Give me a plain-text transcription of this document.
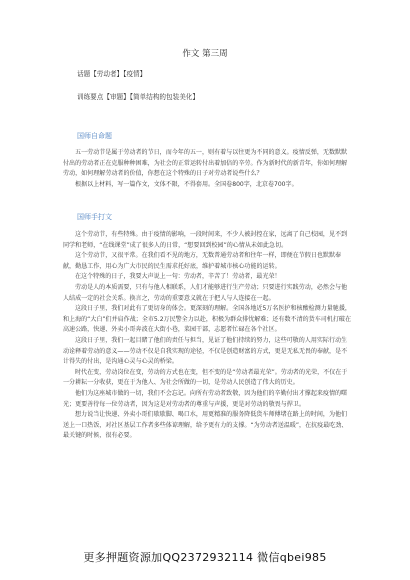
作文 第三周
话题【劳动者】【疫情】
训练要点【审题】【简单结构的包装美化】
国师自命题

五一劳动节是属于劳动者的节日，而今年的五一，则有着与以往更为不同的意义。疫情反弹，无数默默付出的劳动者正在克服种种困难，为社会的正常运转付出着加倍的辛劳。作为新时代的新青年，你如何理解劳动，如何理解劳动者的价值，你想在这个特殊的日子对劳动者说些什么？

根据以上材料，写一篇作文，文体不限，不得套用。全国卷800字，北京卷700字。

国师手打文

这个劳动节，有些特殊。由于疫情的影响，一段时间来，不少人被封控在家，远离了自己校园，见不到同学和老师，“在线课堂”成了很多人的日常，“想要回到校园”的心情从未如此急切。

这个劳动节，又很平常。在我们看不见的地方，无数普通劳动者和往年一样，即便在节假日也默默奉献，勤恳工作，用心为广大市民的民生需求托好底，维护着城市核心功能的运转。

在这个特殊的日子，我要大声说上一句：劳动者，辛苦了！劳动者，最光荣！

劳动是人的本质需要，只有与他人相联系，人们才能够进行生产劳动；只要进行实践劳动，必然会与他人结成一定的社会关系。换言之，劳动的重要意义就在于把人与人连接在一起。

这段日子里，我们对此有了更切身的体会。更深刻的理解。全国各地近5万名医护和核酸检测力量驰援，和上海的“大白”们并肩作战；全市5.2万民警全力以赴，积极为群众排忧解难；还有数不清的货车司机打破在高速公路，快递、外卖小哥奔波在大街小巷，菜园干部，志愿者忙碌在各个社区。

这段日子里，我们一起目睹了他们的责任与担当，见证了他们持续的努力，这些可敬的人用实际行动生动诠释着劳动的意义——劳动不仅是自我实现的途径，不仅是创造财富的方式，更是无私无畏的奉献，是不计得失的付出，是沟通心灵与心灵的桥梁。

时代在变，劳动岗位在变，劳动的方式也在变，但不变的是“劳动者最光荣”。劳动者的光荣，不仅在于一分耕耘一分收获，更在于为他人、为社会所做的一切，是劳动人民创造了伟大的历史。

他们为这座城市做的一切，我们不会忘记。向所有劳动者致敬，因为他们的辛勤付出才撑起来疫情的曙光；更要善待每一位劳动者，因为这是对劳动者的尊重与声援，更是对劳动的敬畏与捍卫。

想力说当让快递、外卖小哥们歇歇脚、喝口水，用更精准的服务降低货车师傅堵在路上的时间，为他们送上一口热饭，对社区基层工作者多些体谅理解，给予更有力的支撑。“为劳动者送温暖”，在抗疫最吃劲、最关键的时候，很有必要。

更多押题资源加QQ2372932114 微信qbei985
